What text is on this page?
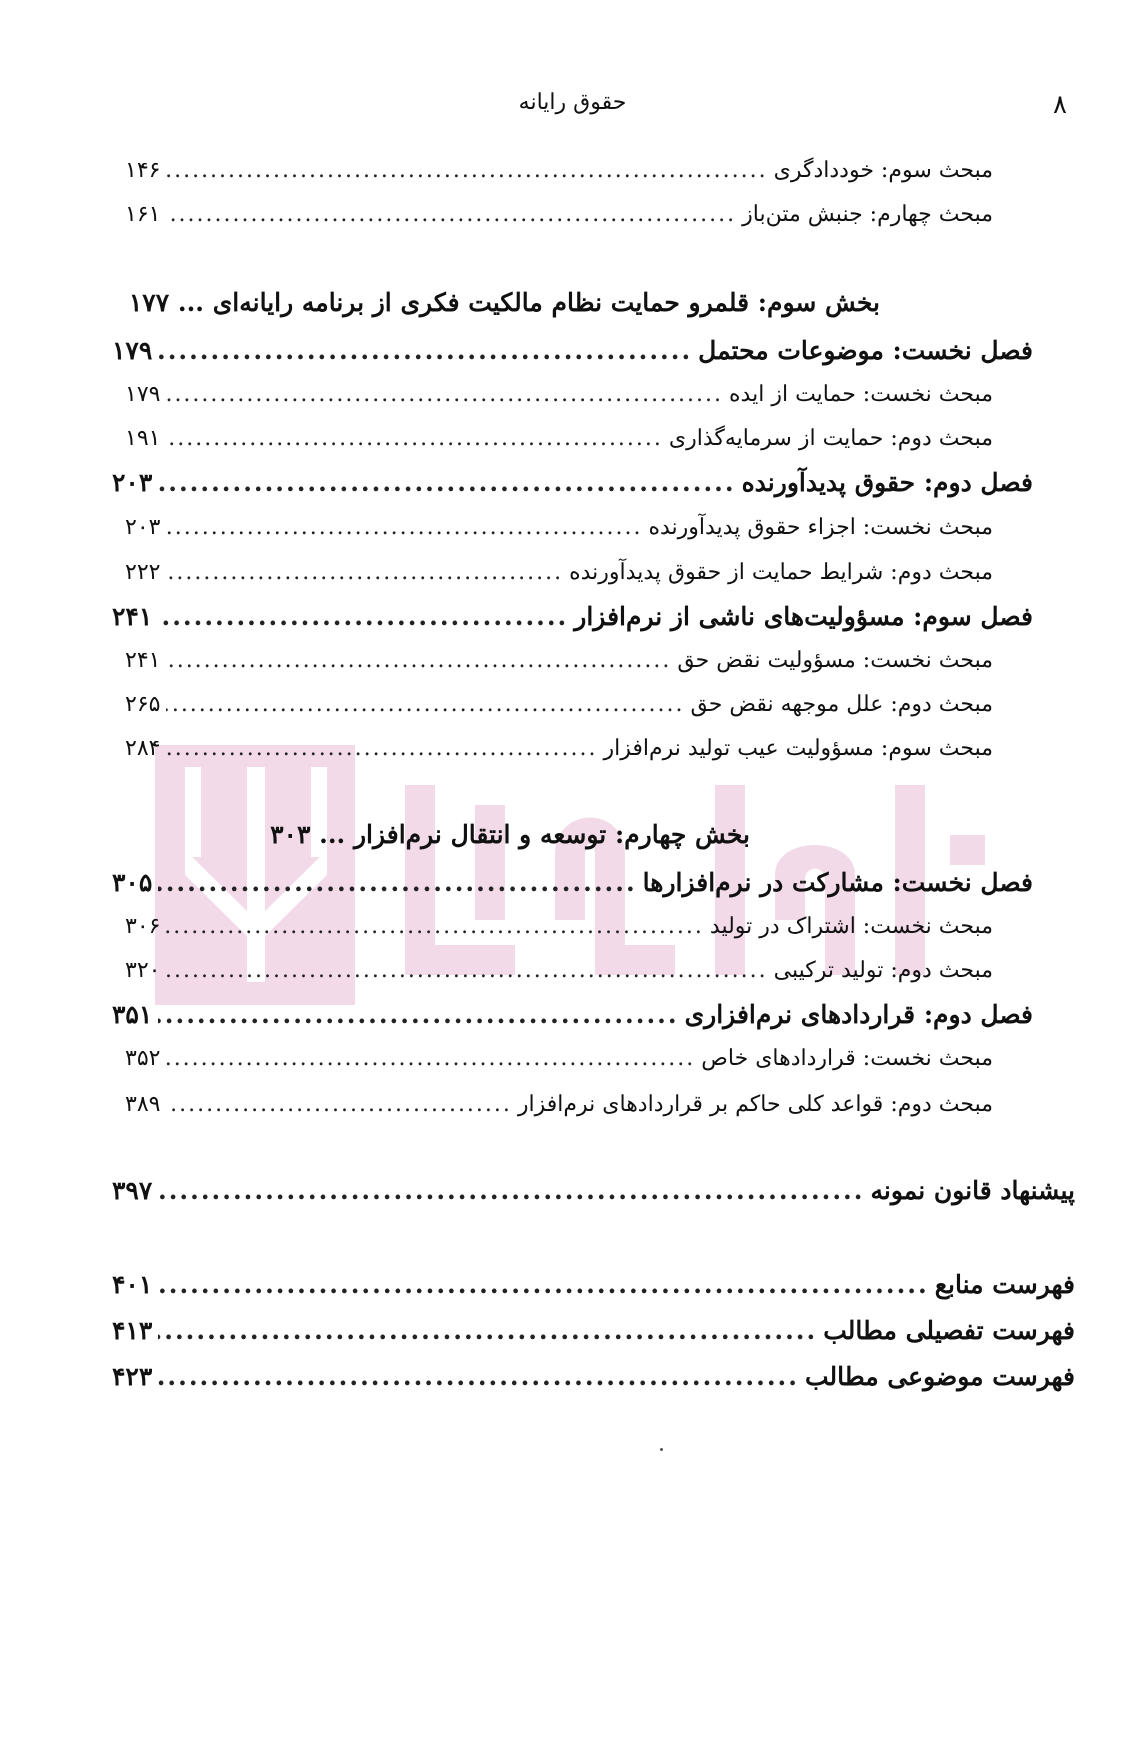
۸
حقوق رایانه
مبحث سوم: خوددادگری
.....
۱۴۶
مبحث چهارم: جنبش متن‌باز
.....
۱۶۱
بخش سوم: قلمرو حمایت نظام مالکیت فکری از برنامه رایانه‌ای ... ۱۷۷
فصل نخست: موضوعات محتمل
.....
۱۷۹
مبحث نخست: حمایت از ایده
.....
۱۷۹
مبحث دوم: حمایت از سرمایه‌گذاری
.....
۱۹۱
فصل دوم: حقوق پدیدآورنده
.....
۲۰۳
مبحث نخست: اجزاء حقوق پدیدآورنده
.....
۲۰۳
مبحث دوم: شرایط حمایت از حقوق پدیدآورنده
.....
۲۲۲
فصل سوم: مسؤولیت‌های ناشی از نرم‌افزار
.....
۲۴۱
مبحث نخست: مسؤولیت نقض حق
.....
۲۴۱
مبحث دوم: علل موجهه نقض حق
.....
۲۶۵
مبحث سوم: مسؤولیت عیب تولید نرم‌افزار
.....
۲۸۴
بخش چهارم: توسعه و انتقال نرم‌افزار ... ۳۰۳
فصل نخست: مشارکت در نرم‌افزارها
.....
۳۰۵
مبحث نخست: اشتراک در تولید
.....
۳۰۶
مبحث دوم: تولید ترکیبی
.....
۳۲۰
فصل دوم: قراردادهای نرم‌افزاری
.....
۳۵۱
مبحث نخست: قراردادهای خاص
.....
۳۵۲
مبحث دوم: قواعد کلی حاکم بر قراردادهای نرم‌افزار
.....
۳۸۹
پیشنهاد قانون نمونه
.....
۳۹۷
فهرست منابع
.....
۴۰۱
فهرست تفصیلی مطالب
.....
۴۱۳
فهرست موضوعی مطالب
.....
۴۲۳
